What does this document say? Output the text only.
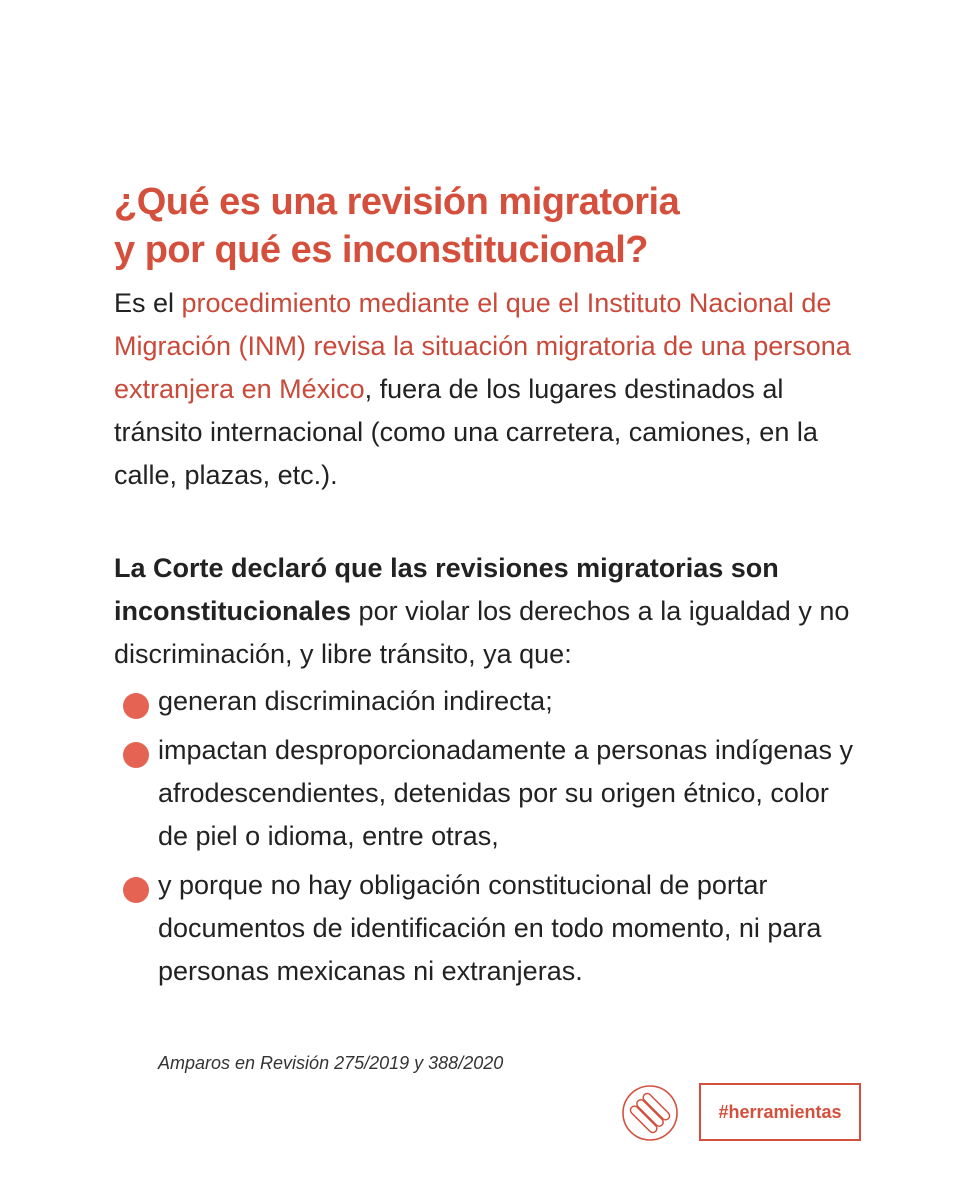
¿Qué es una revisión migratoria
y por qué es inconstitucional?

Es el procedimiento mediante el que el Instituto Nacional de Migración (INM) revisa la situación migratoria de una persona extranjera en México, fuera de los lugares destinados al tránsito internacional (como una carretera, camiones, en la calle, plazas, etc.).

La Corte declaró que las revisiones migratorias son inconstitucionales por violar los derechos a la igualdad y no discriminación, y libre tránsito, ya que:

generan discriminación indirecta;
impactan desproporcionadamente a personas indígenas y afrodescendientes, detenidas por su origen étnico, color de piel o idioma, entre otras,
y porque no hay obligación constitucional de portar documentos de identificación en todo momento, ni para personas mexicanas ni extranjeras.

Amparos en Revisión 275/2019 y 388/2020

#herramientas
